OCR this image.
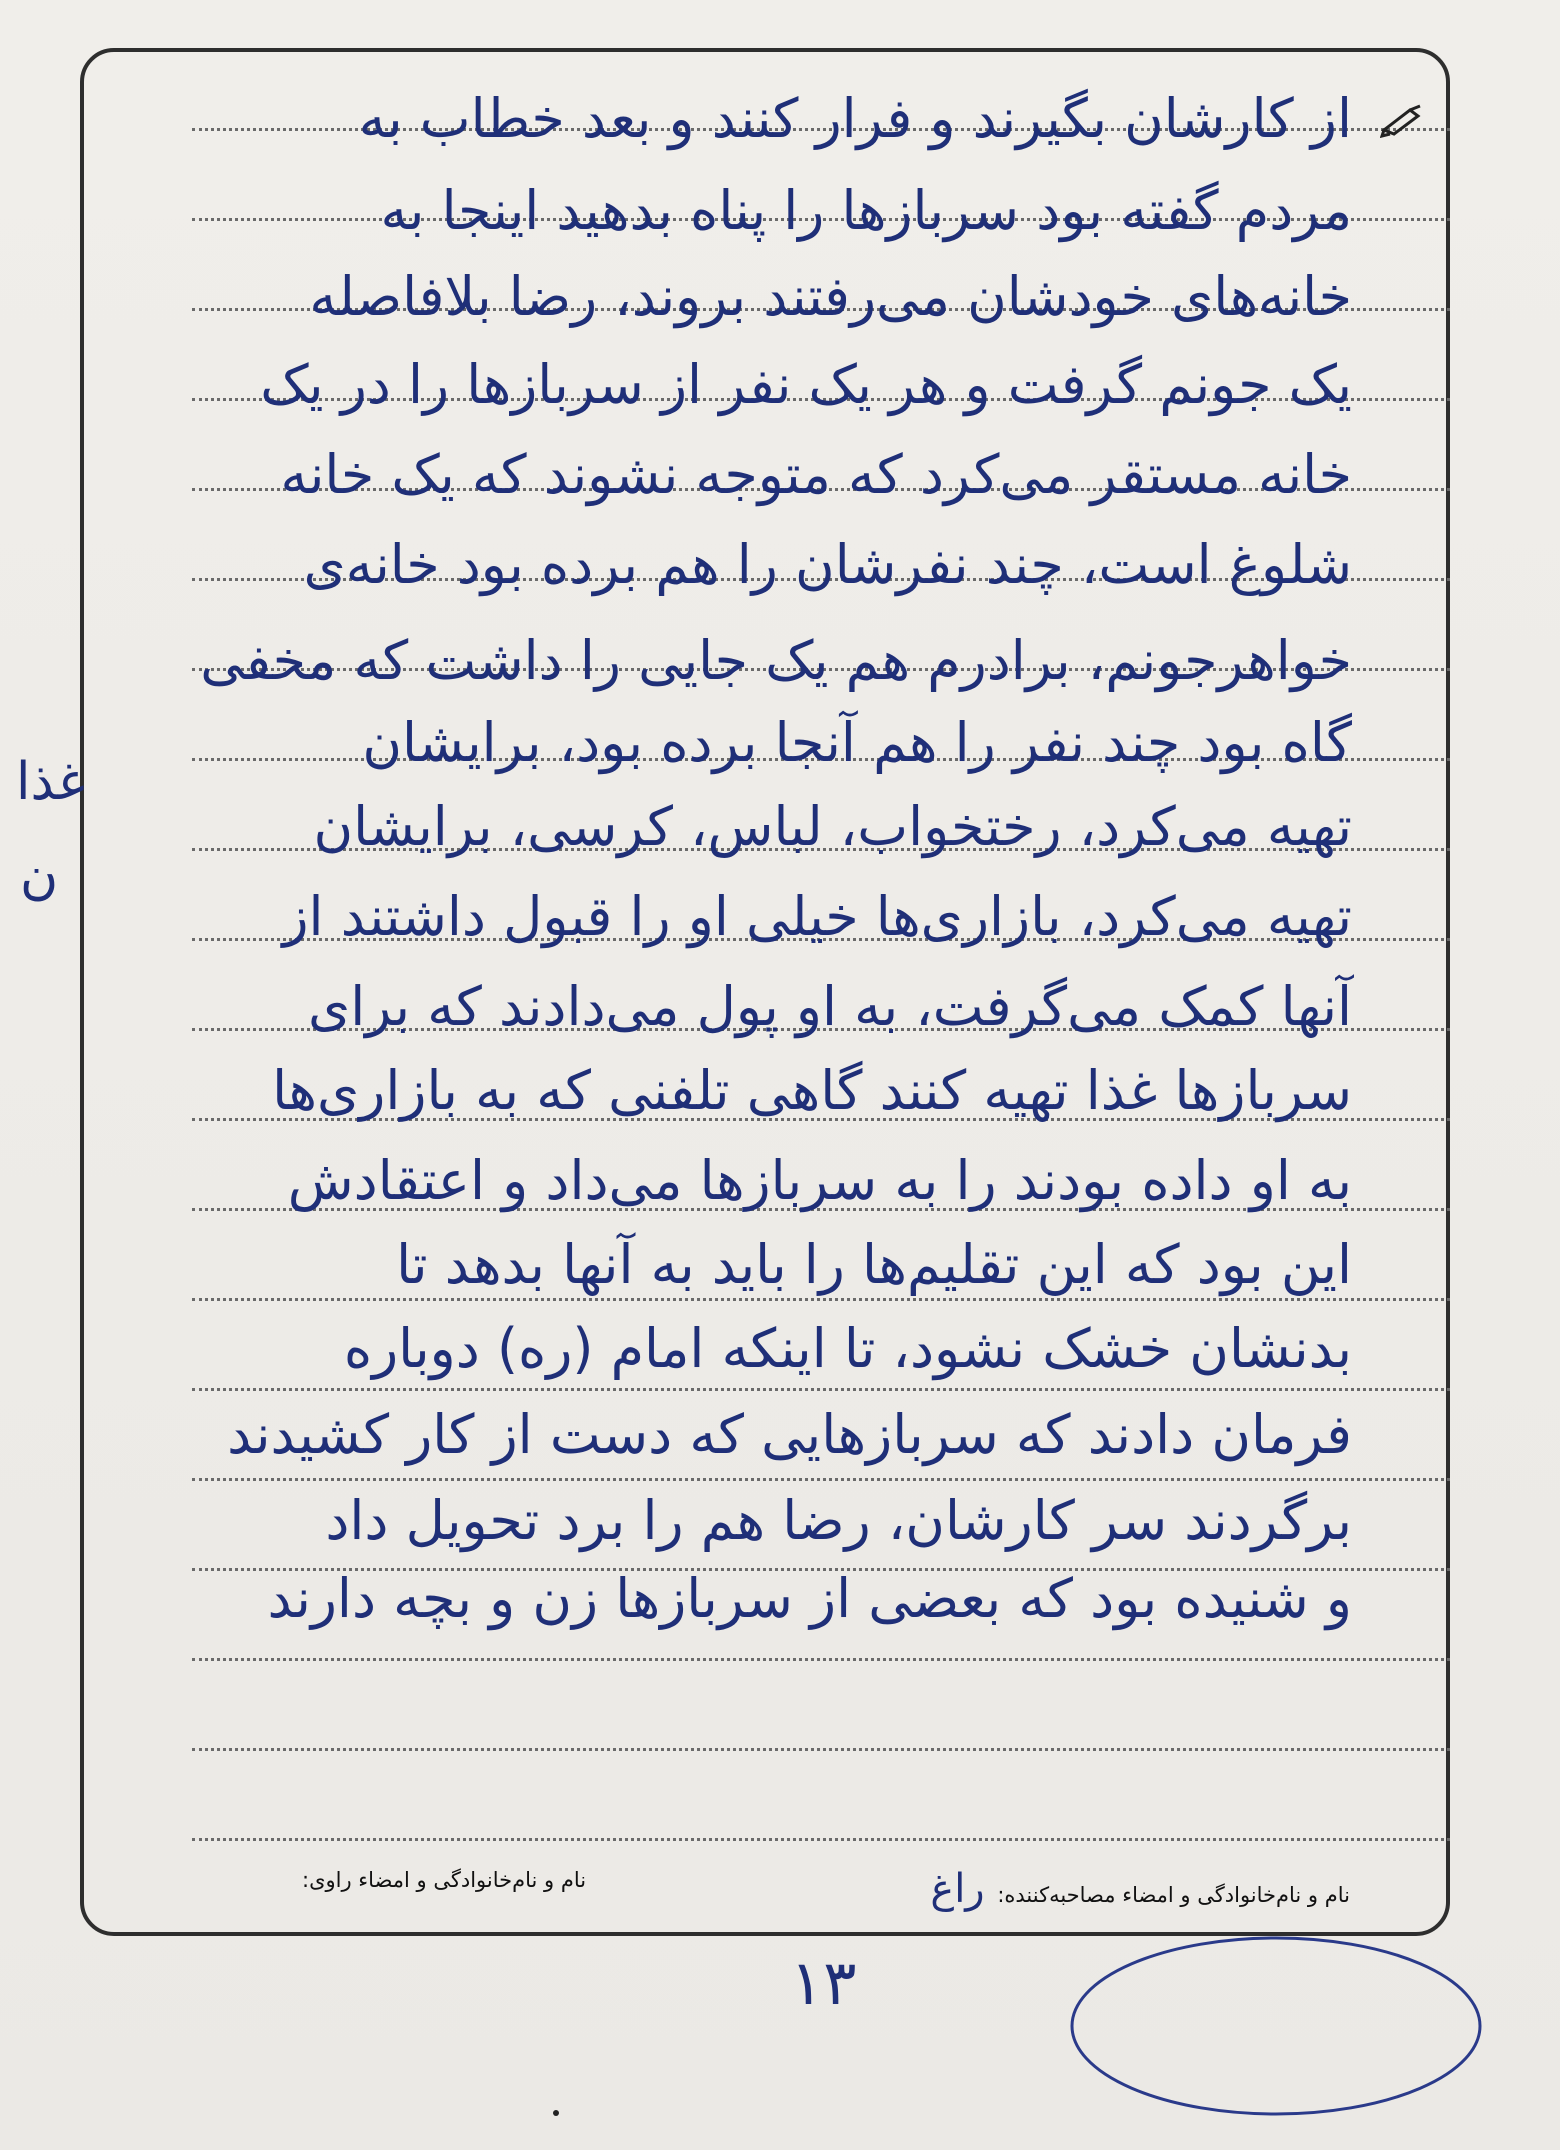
از کارشان بگیرند و فرار کنند و بعد خطاب به
مردم گفته بود سربازها را پناه بدهید اینجا به
خانه‌های خودشان می‌رفتند بروند، رضا بلافاصله
یک جونم گرفت و هر یک نفر از سربازها را در یک
خانه مستقر می‌کرد که متوجه نشوند که یک خانه
شلوغ است، چند نفرشان را هم برده بود خانه‌ی
خواهرجونم، برادرم هم یک جایی را داشت که مخفی‌
گاه بود چند نفر را هم آنجا برده بود، برایشان
تهیه می‌کرد، رختخواب، لباس، کرسی، برایشان
تهیه می‌کرد، بازاری‌ها خیلی او را قبول داشتند از
آنها کمک می‌گرفت، به او پول می‌دادند که برای
سربازها غذا تهیه کنند گاهی تلفنی که به بازاری‌ها
به او داده بودند را به سربازها می‌داد و اعتقادش
این بود که این تقلیم‌ها را باید به آنها بدهد تا
بدنشان خشک نشود، تا اینکه امام (ره) دوباره
فرمان دادند که سربازهایی که دست از کار کشیدند
برگردند سر کارشان، رضا هم را برد تحویل داد
و شنیده بود که بعضی از سربازها زن و بچه دارند
غذا
ن
نام و نام‌خانوادگی و امضاء مصاحبه‌کننده: راغ
نام و نام‌خانوادگی و امضاء راوی:
۱۳
